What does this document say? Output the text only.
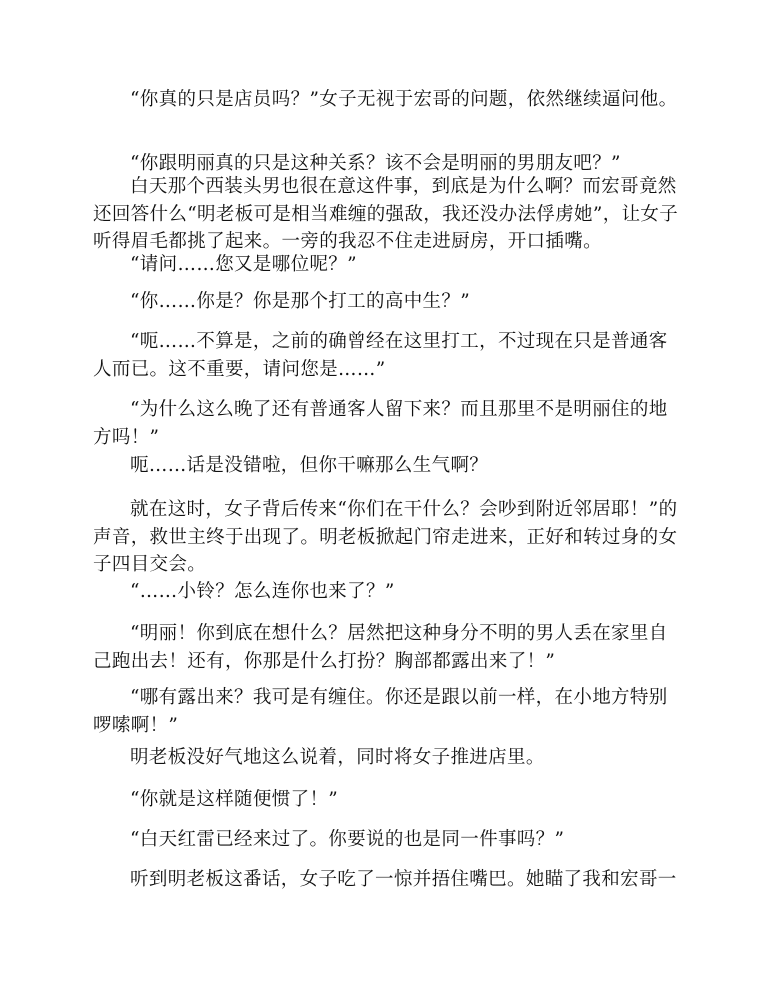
“你真的只是店员吗？”女子无视于宏哥的问题，依然继续逼问他。

“你跟明丽真的只是这种关系？该不会是明丽的男朋友吧？”

白天那个西装头男也很在意这件事，到底是为什么啊？而宏哥竟然还回答什么“明老板可是相当难缠的强敌，我还没办法俘虏她”，让女子听得眉毛都挑了起来。一旁的我忍不住走进厨房，开口插嘴。

“请问……您又是哪位呢？”

“你……你是？你是那个打工的高中生？”

“呃……不算是，之前的确曾经在这里打工，不过现在只是普通客人而已。这不重要，请问您是……”

“为什么这么晚了还有普通客人留下来？而且那里不是明丽住的地方吗！”

呃……话是没错啦，但你干嘛那么生气啊？

就在这时，女子背后传来“你们在干什么？会吵到附近邻居耶！”的声音，救世主终于出现了。明老板掀起门帘走进来，正好和转过身的女子四目交会。

“……小铃？怎么连你也来了？”

“明丽！你到底在想什么？居然把这种身分不明的男人丢在家里自己跑出去！还有，你那是什么打扮？胸部都露出来了！”

“哪有露出来？我可是有缠住。你还是跟以前一样，在小地方特别啰嗦啊！”

明老板没好气地这么说着，同时将女子推进店里。

“你就是这样随便惯了！”

“白天红雷已经来过了。你要说的也是同一件事吗？”

听到明老板这番话，女子吃了一惊并捂住嘴巴。她瞄了我和宏哥一
